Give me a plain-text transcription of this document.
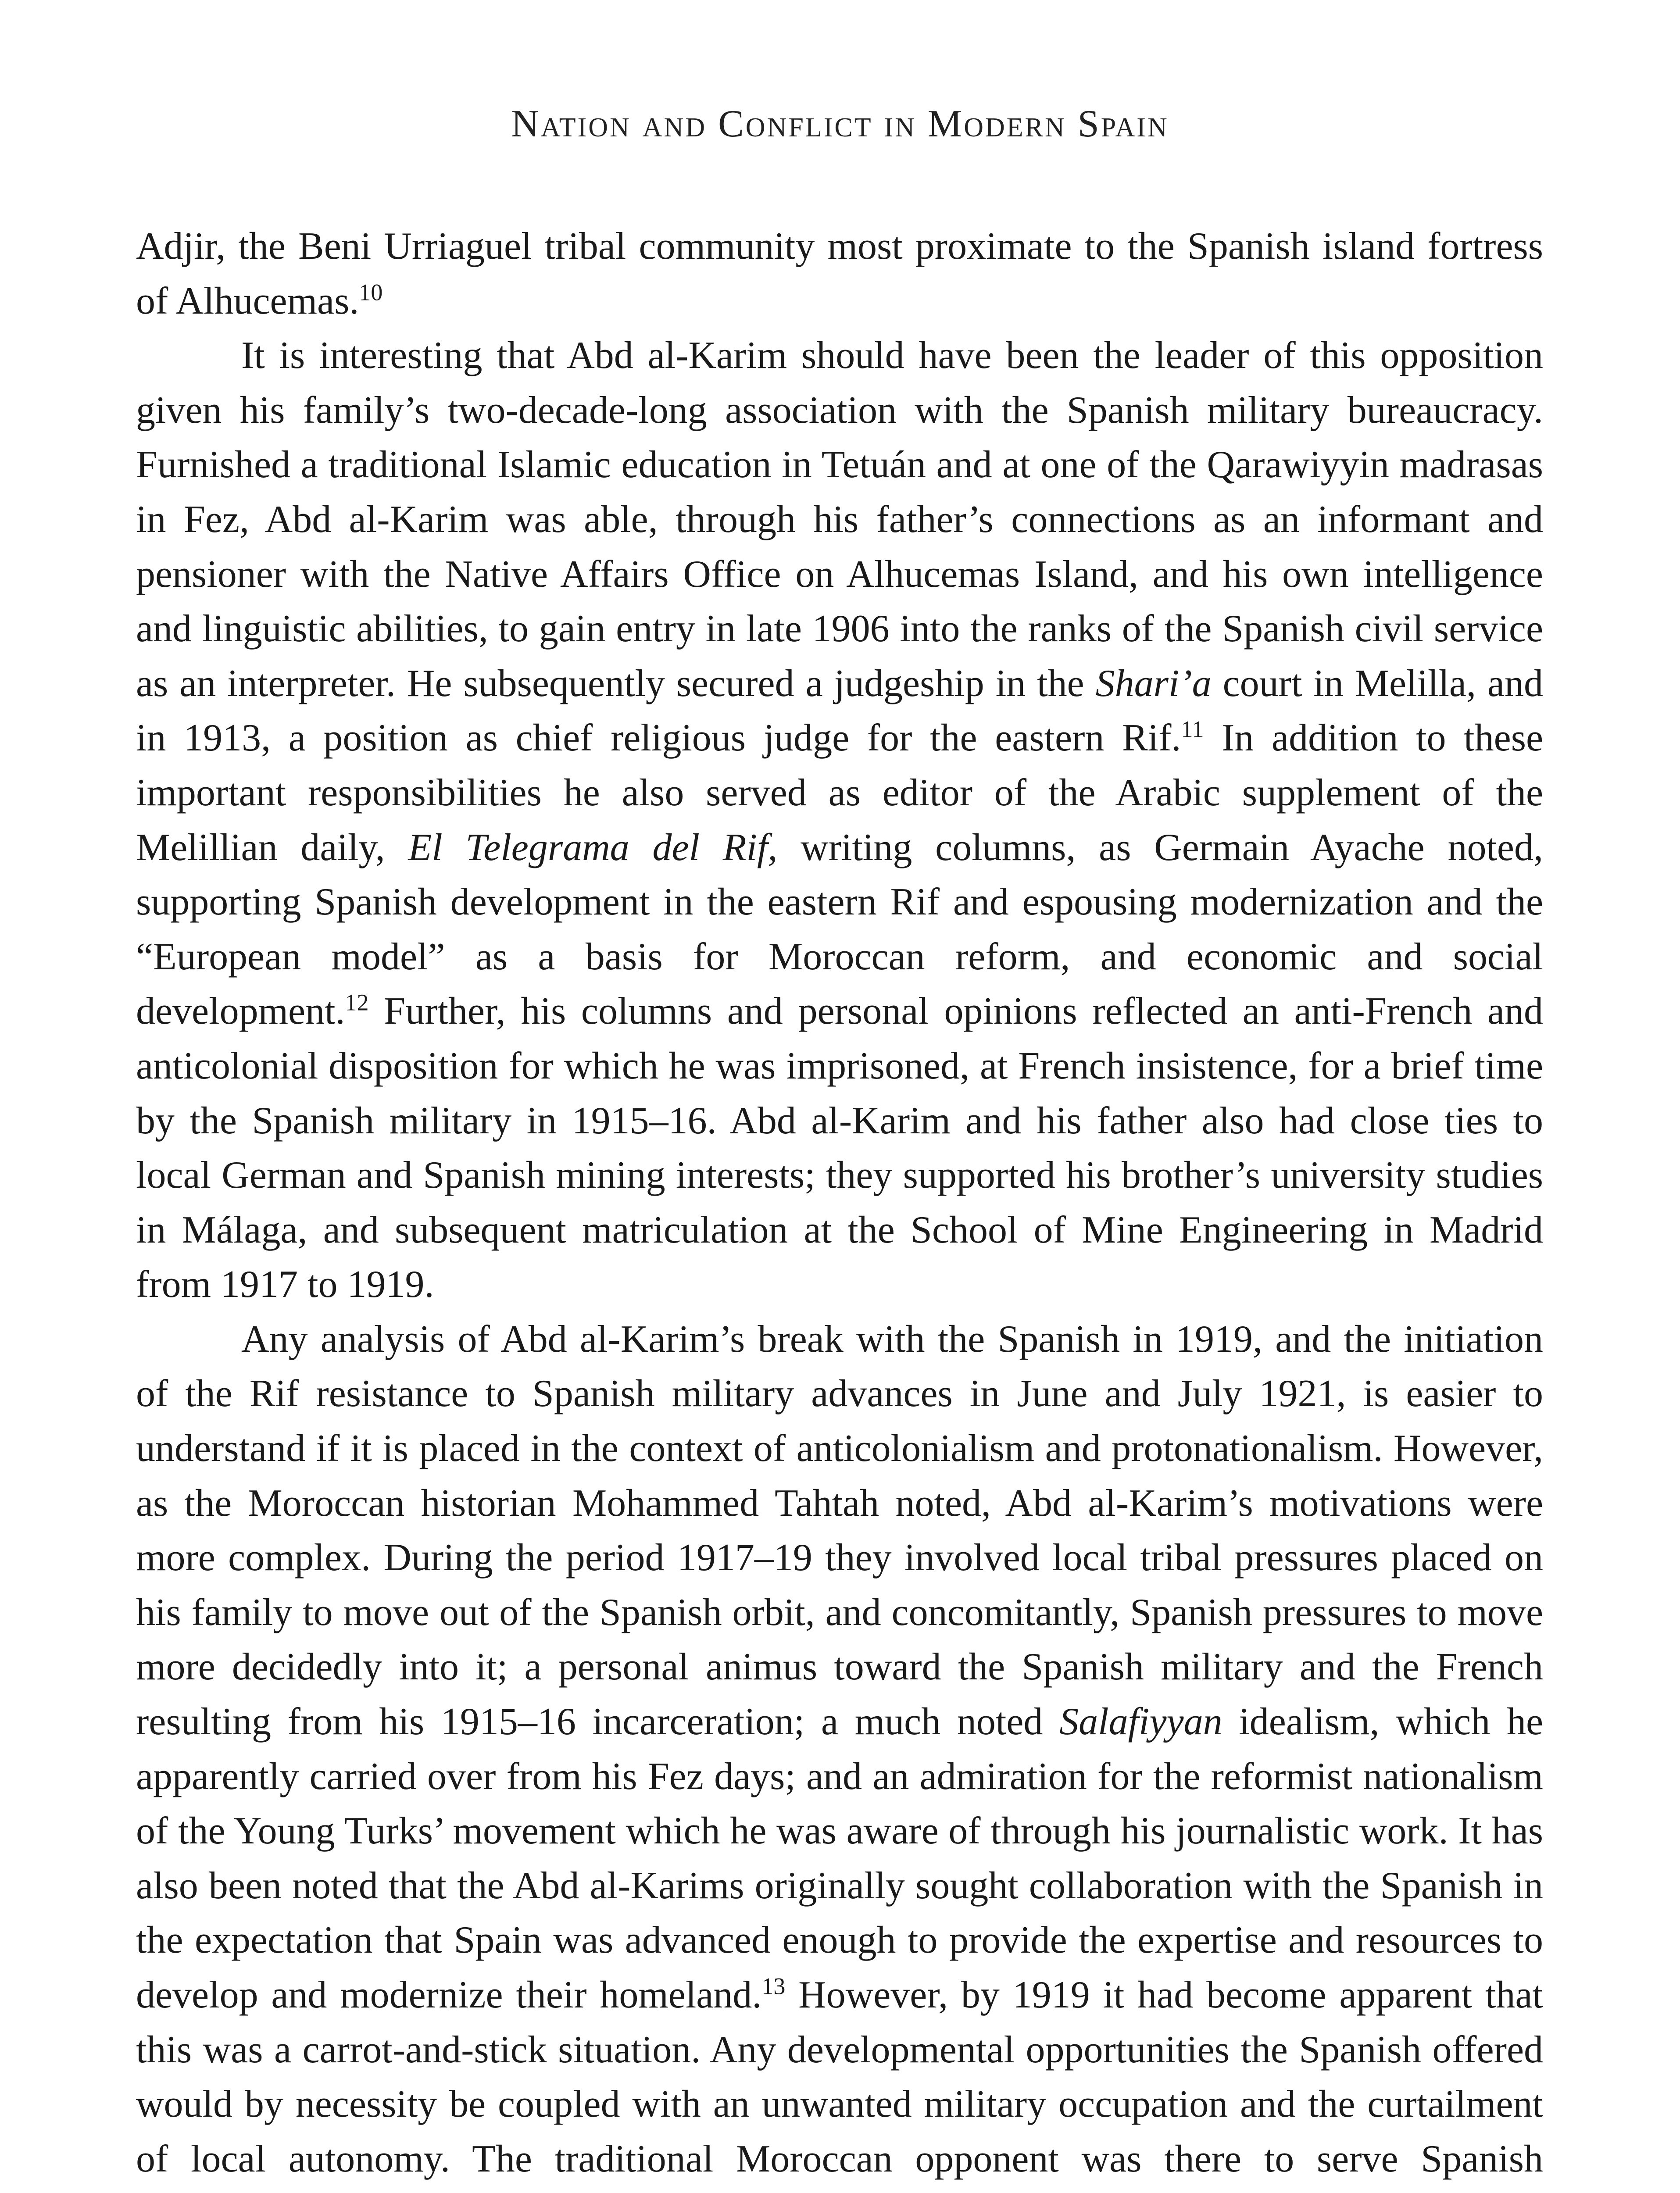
Nation and Conflict in Modern Spain

Adjir, the Beni Urriaguel tribal community most proximate to the Spanish island fortress of Alhucemas.$^{10}$

It is interesting that Abd al-Karim should have been the leader of this opposition given his family’s two-decade-long association with the Spanish military bureaucracy. Furnished a traditional Islamic education in Tetuán and at one of the Qarawiyyin madrasas in Fez, Abd al-Karim was able, through his father’s connections as an informant and pensioner with the Native Affairs Office on Alhucemas Island, and his own intelligence and linguistic abilities, to gain entry in late 1906 into the ranks of the Spanish civil service as an interpreter. He subsequently secured a judgeship in the Shari’a court in Melilla, and in 1913, a position as chief religious judge for the eastern Rif.$^{11}$ In addition to these important responsibilities he also served as editor of the Arabic supplement of the Melillian daily, El Telegrama del Rif, writing columns, as Germain Ayache noted, supporting Spanish development in the eastern Rif and espousing modernization and the “European model” as a basis for Moroccan reform, and economic and social development.$^{12}$ Further, his columns and personal opinions reflected an anti-French and anticolonial disposition for which he was imprisoned, at French insistence, for a brief time by the Spanish military in 1915–16. Abd al-Karim and his father also had close ties to local German and Spanish mining interests; they supported his brother’s university studies in Málaga, and subsequent matriculation at the School of Mine Engineering in Madrid from 1917 to 1919.

Any analysis of Abd al-Karim’s break with the Spanish in 1919, and the initiation of the Rif resistance to Spanish military advances in June and July 1921, is easier to understand if it is placed in the context of anticolonialism and protonationalism. However, as the Moroccan historian Mohammed Tahtah noted, Abd al-Karim’s motivations were more complex. During the period 1917–19 they involved local tribal pressures placed on his family to move out of the Spanish orbit, and concomitantly, Spanish pressures to move more decidedly into it; a personal animus toward the Spanish military and the French resulting from his 1915–16 incarceration; a much noted Salafiyyan idealism, which he apparently carried over from his Fez days; and an admiration for the reformist nationalism of the Young Turks’ movement which he was aware of through his journalistic work. It has also been noted that the Abd al-Karims originally sought collaboration with the Spanish in the expectation that Spain was advanced enough to provide the expertise and resources to develop and modernize their homeland.$^{13}$ However, by 1919 it had become apparent that this was a carrot-and-stick situation. Any developmental opportunities the Spanish offered would by necessity be coupled with an unwanted military occupation and the curtailment of local autonomy. The traditional Moroccan opponent was there to serve Spanish
